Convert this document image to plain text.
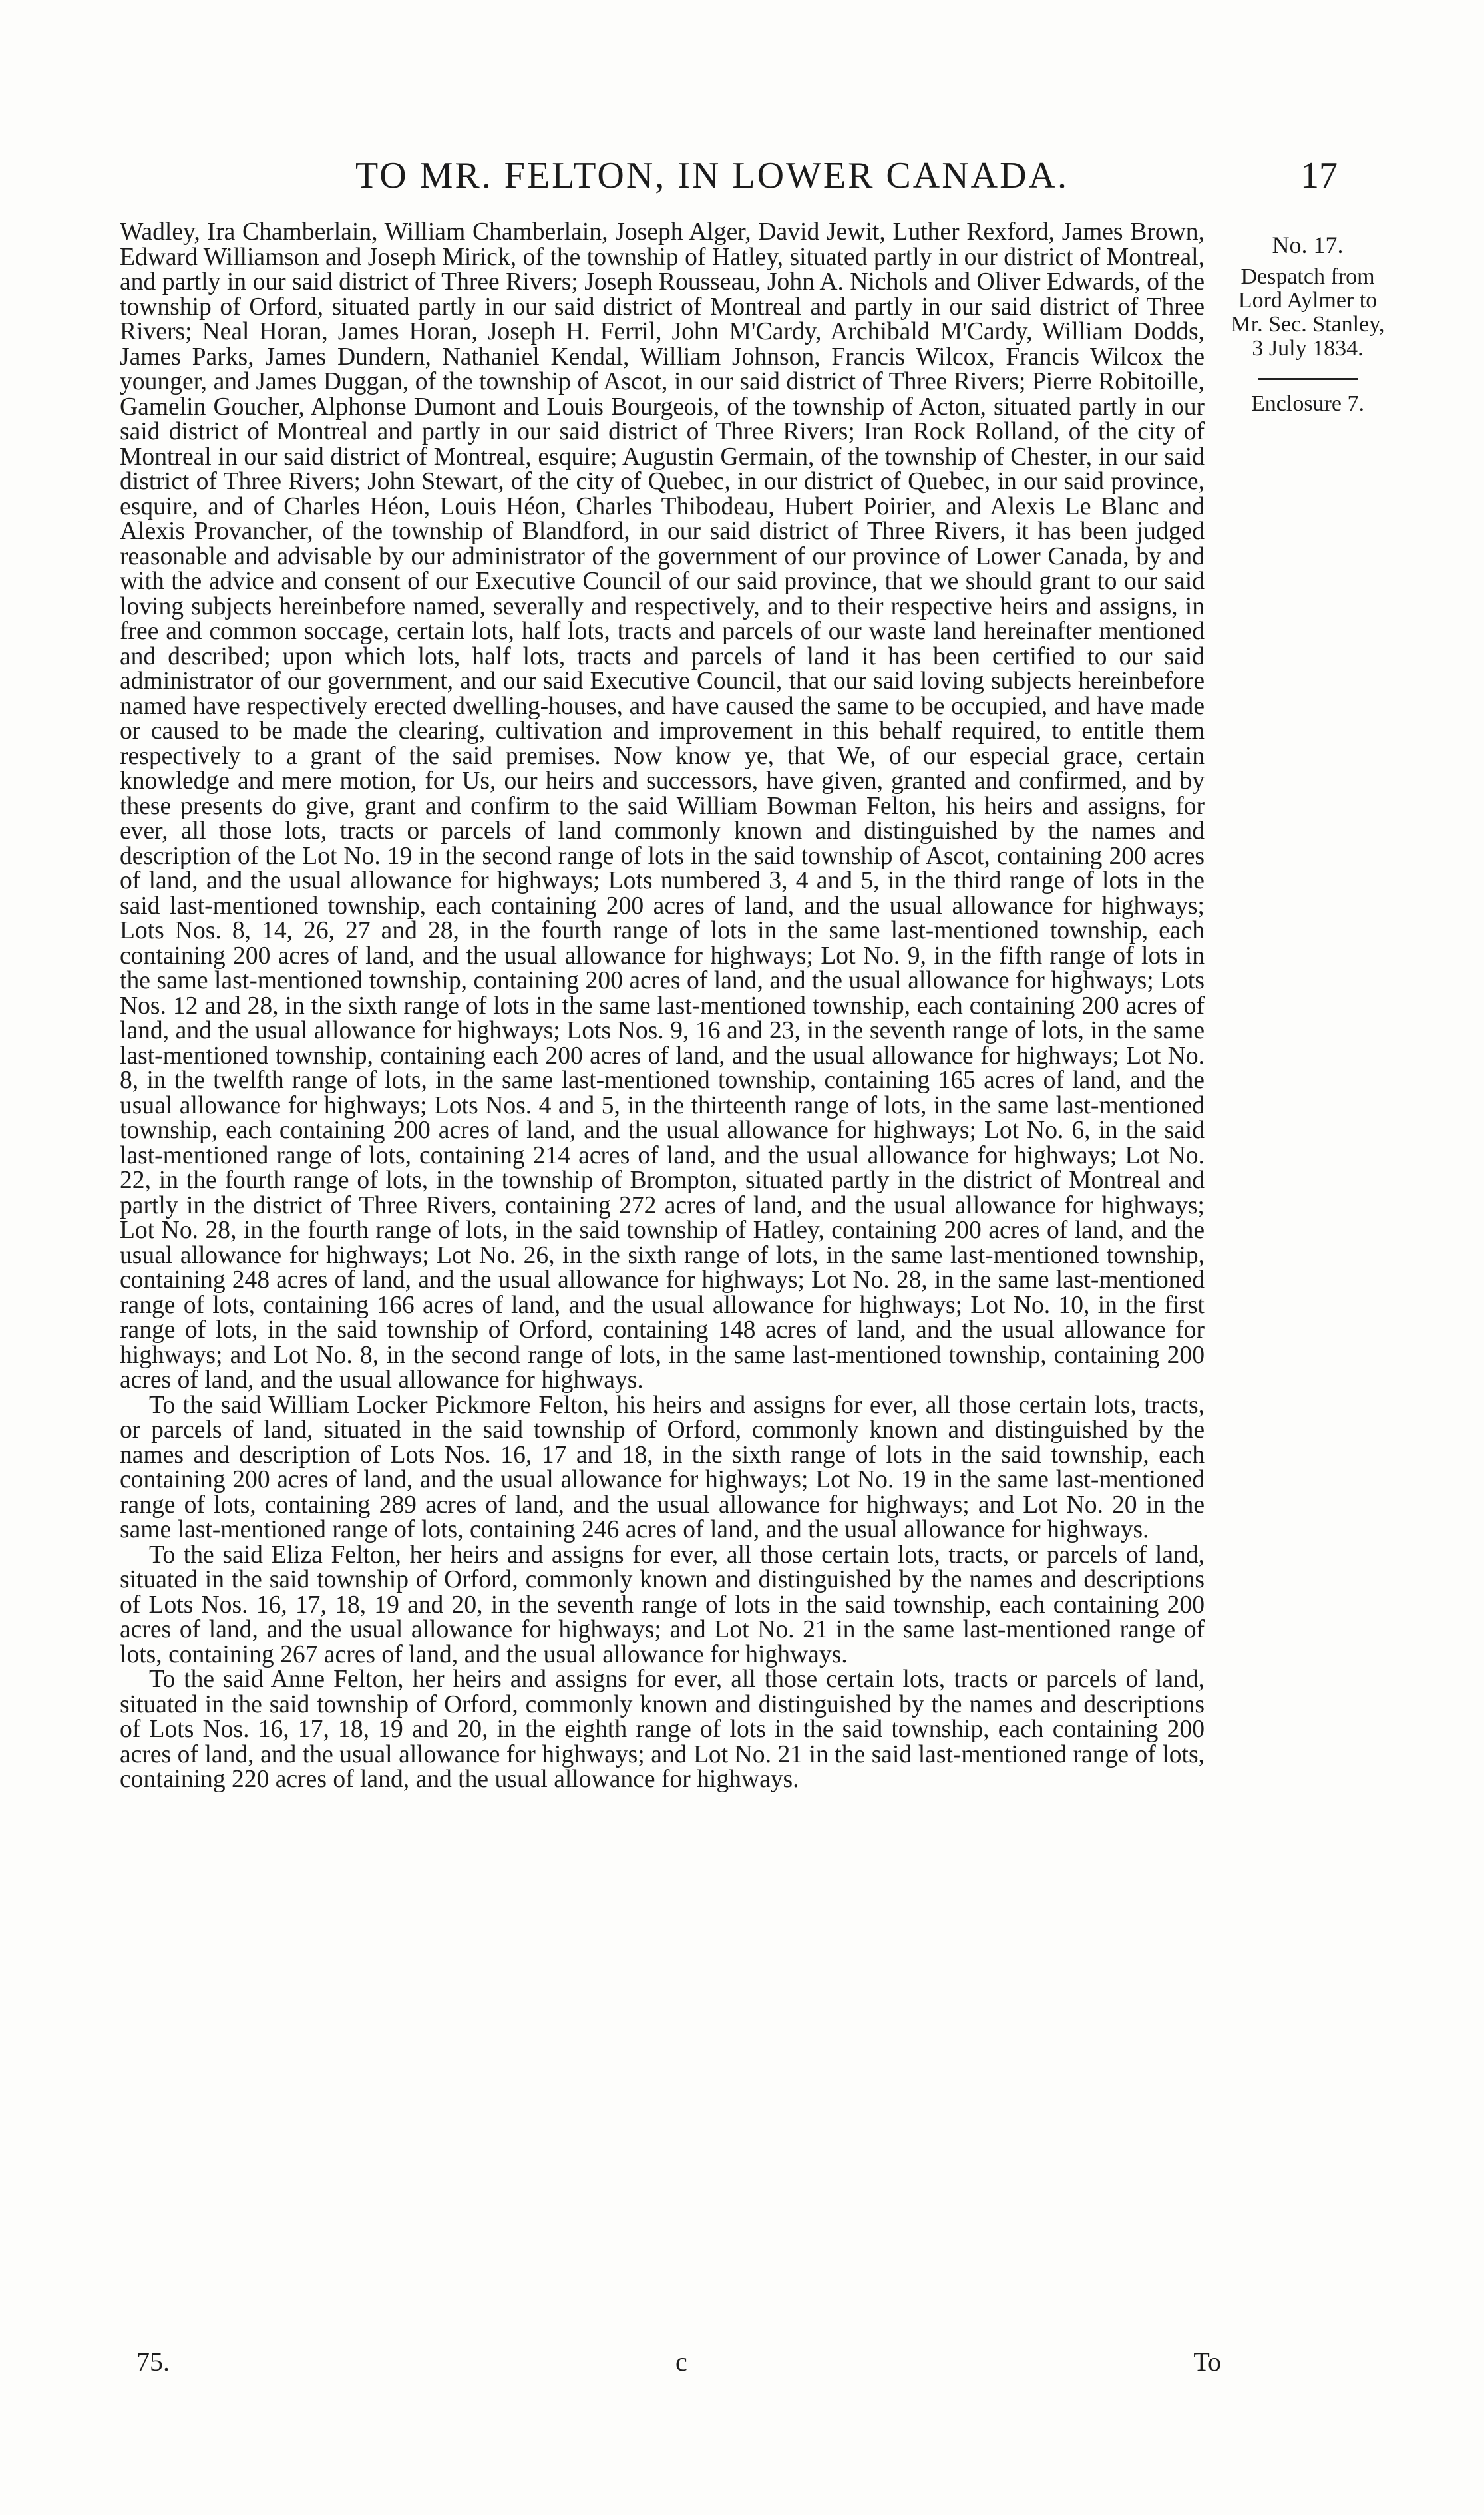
TO MR. FELTON, IN LOWER CANADA.	17
No. 17.

Despatch from Lord Aylmer to Mr. Sec. Stanley, 3 July 1834.

Enclosure 7.

Wadley, Ira Chamberlain, William Chamberlain, Joseph Alger, David Jewit, Luther Rexford, James Brown, Edward Williamson and Joseph Mirick, of the township of Hatley, situated partly in our district of Montreal, and partly in our said district of Three Rivers; Joseph Rousseau, John A. Nichols and Oliver Edwards, of the township of Orford, situated partly in our said district of Montreal and partly in our said district of Three Rivers; Neal Horan, James Horan, Joseph H. Ferril, John M'Cardy, Archibald M'Cardy, William Dodds, James Parks, James Dundern, Nathaniel Kendal, William Johnson, Francis Wilcox, Francis Wilcox the younger, and James Duggan, of the township of Ascot, in our said district of Three Rivers; Pierre Robitoille, Gamelin Goucher, Alphonse Dumont and Louis Bourgeois, of the township of Acton, situated partly in our said district of Montreal and partly in our said district of Three Rivers; Iran Rock Rolland, of the city of Montreal in our said district of Montreal, esquire; Augustin Germain, of the township of Chester, in our said district of Three Rivers; John Stewart, of the city of Quebec, in our district of Quebec, in our said province, esquire, and of Charles Héon, Louis Héon, Charles Thibodeau, Hubert Poirier, and Alexis Le Blanc and Alexis Provancher, of the township of Blandford, in our said district of Three Rivers, it has been judged reasonable and advisable by our administrator of the government of our province of Lower Canada, by and with the advice and consent of our Executive Council of our said province, that we should grant to our said loving subjects hereinbefore named, severally and respectively, and to their respective heirs and assigns, in free and common soccage, certain lots, half lots, tracts and parcels of our waste land hereinafter mentioned and described; upon which lots, half lots, tracts and parcels of land it has been certified to our said administrator of our government, and our said Executive Council, that our said loving subjects hereinbefore named have respectively erected dwelling-houses, and have caused the same to be occupied, and have made or caused to be made the clearing, cultivation and improvement in this behalf required, to entitle them respectively to a grant of the said premises. Now know ye, that We, of our especial grace, certain knowledge and mere motion, for Us, our heirs and successors, have given, granted and confirmed, and by these presents do give, grant and confirm to the said William Bowman Felton, his heirs and assigns, for ever, all those lots, tracts or parcels of land commonly known and distinguished by the names and description of the Lot No. 19 in the second range of lots in the said township of Ascot, containing 200 acres of land, and the usual allowance for highways; Lots numbered 3, 4 and 5, in the third range of lots in the said last-mentioned township, each containing 200 acres of land, and the usual allowance for highways; Lots Nos. 8, 14, 26, 27 and 28, in the fourth range of lots in the same last-mentioned township, each containing 200 acres of land, and the usual allowance for highways; Lot No. 9, in the fifth range of lots in the same last-mentioned township, containing 200 acres of land, and the usual allowance for highways; Lots Nos. 12 and 28, in the sixth range of lots in the same last-mentioned township, each containing 200 acres of land, and the usual allowance for highways; Lots Nos. 9, 16 and 23, in the seventh range of lots, in the same last-mentioned township, containing each 200 acres of land, and the usual allowance for highways; Lot No. 8, in the twelfth range of lots, in the same last-mentioned township, containing 165 acres of land, and the usual allowance for highways; Lots Nos. 4 and 5, in the thirteenth range of lots, in the same last-mentioned township, each containing 200 acres of land, and the usual allowance for highways; Lot No. 6, in the said last-mentioned range of lots, containing 214 acres of land, and the usual allowance for highways; Lot No. 22, in the fourth range of lots, in the township of Brompton, situated partly in the district of Montreal and partly in the district of Three Rivers, containing 272 acres of land, and the usual allowance for highways; Lot No. 28, in the fourth range of lots, in the said township of Hatley, containing 200 acres of land, and the usual allowance for highways; Lot No. 26, in the sixth range of lots, in the same last-mentioned township, containing 248 acres of land, and the usual allowance for highways; Lot No. 28, in the same last-mentioned range of lots, containing 166 acres of land, and the usual allowance for highways; Lot No. 10, in the first range of lots, in the said township of Orford, containing 148 acres of land, and the usual allowance for highways; and Lot No. 8, in the second range of lots, in the same last-mentioned township, containing 200 acres of land, and the usual allowance for highways.

To the said William Locker Pickmore Felton, his heirs and assigns for ever, all those certain lots, tracts, or parcels of land, situated in the said township of Orford, commonly known and distinguished by the names and description of Lots Nos. 16, 17 and 18, in the sixth range of lots in the said township, each containing 200 acres of land, and the usual allowance for highways; Lot No. 19 in the same last-mentioned range of lots, containing 289 acres of land, and the usual allowance for highways; and Lot No. 20 in the same last-mentioned range of lots, containing 246 acres of land, and the usual allowance for highways.

To the said Eliza Felton, her heirs and assigns for ever, all those certain lots, tracts, or parcels of land, situated in the said township of Orford, commonly known and distinguished by the names and descriptions of Lots Nos. 16, 17, 18, 19 and 20, in the seventh range of lots in the said township, each containing 200 acres of land, and the usual allowance for highways; and Lot No. 21 in the same last-mentioned range of lots, containing 267 acres of land, and the usual allowance for highways.

To the said Anne Felton, her heirs and assigns for ever, all those certain lots, tracts or parcels of land, situated in the said township of Orford, commonly known and distinguished by the names and descriptions of Lots Nos. 16, 17, 18, 19 and 20, in the eighth range of lots in the said township, each containing 200 acres of land, and the usual allowance for highways; and Lot No. 21 in the said last-mentioned range of lots, containing 220 acres of land, and the usual allowance for highways.

75.	c	To
